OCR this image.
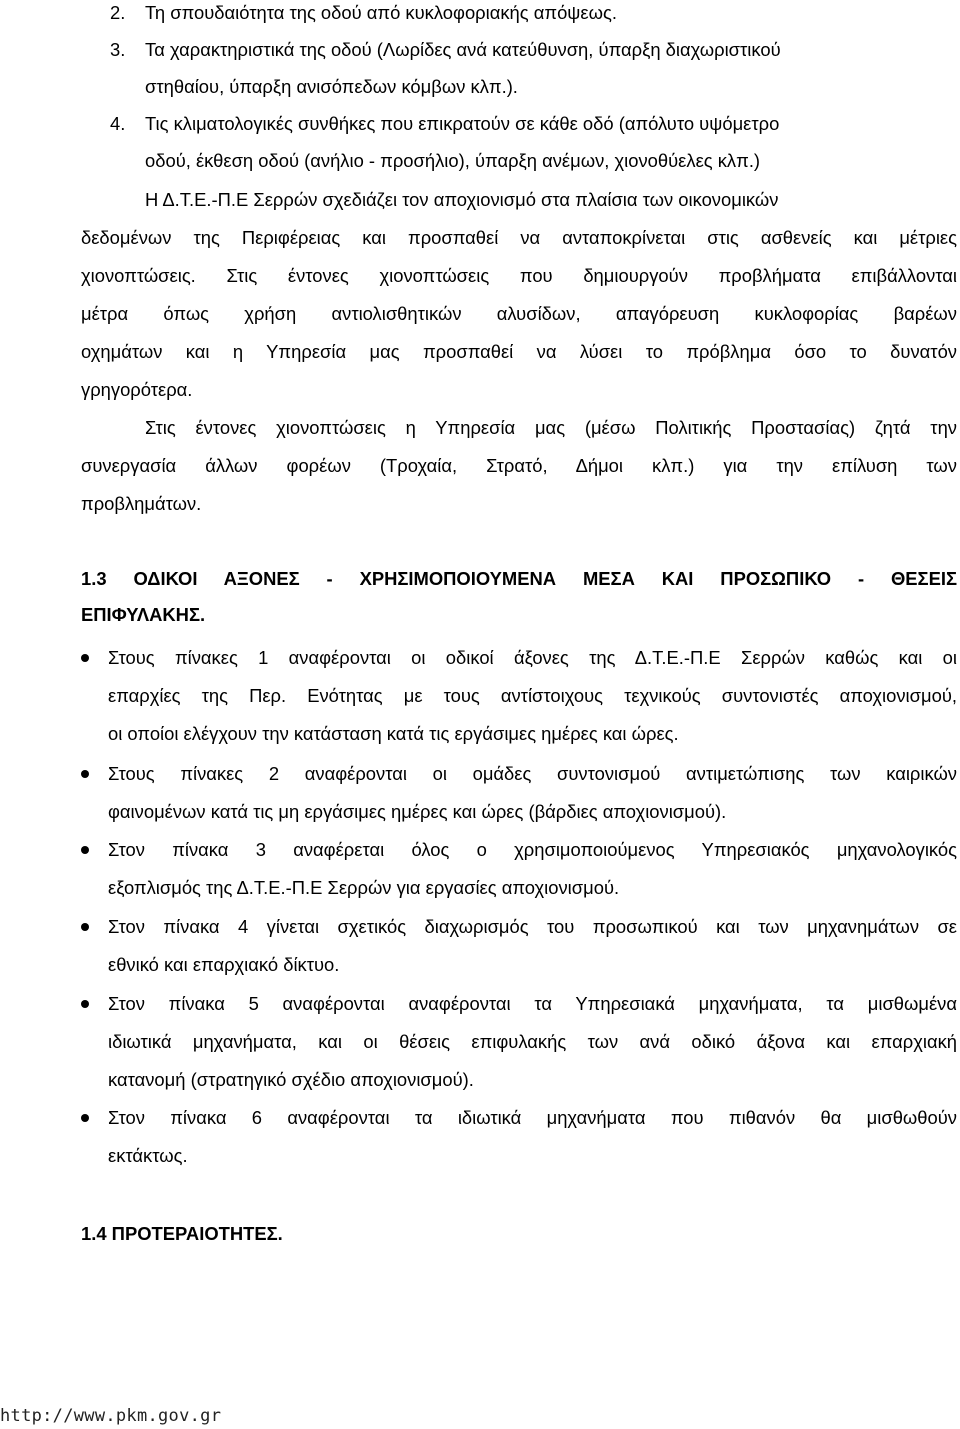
2.	Τη σπουδαιότητα της οδού από κυκλοφοριακής απόψεως.
3.	Τα χαρακτηριστικά της οδού (Λωρίδες ανά κατεύθυνση, ύπαρξη διαχωριστικού
στηθαίου, ύπαρξη ανισόπεδων κόμβων κλπ.).
4.	Τις κλιματολογικές συνθήκες που επικρατούν σε κάθε οδό (απόλυτο υψόμετρο
οδού, έκθεση οδού (ανήλιο - προσήλιο), ύπαρξη ανέμων, χιονοθύελες κλπ.)
Η Δ.Τ.Ε.-Π.Ε Σερρών σχεδιάζει τον αποχιονισμό στα πλαίσια των οικονομικών
δεδομένων της Περιφέρειας και προσπαθεί να ανταποκρίνεται στις ασθενείς και μέτριες
χιονοπτώσεις. Στις έντονες χιονοπτώσεις που δημιουργούν προβλήματα επιβάλλονται
μέτρα όπως χρήση αντιολισθητικών αλυσίδων, απαγόρευση κυκλοφορίας βαρέων
οχημάτων και η Υπηρεσία μας προσπαθεί να λύσει το πρόβλημα όσο το δυνατόν
γρηγορότερα.
Στις έντονες χιονοπτώσεις η Υπηρεσία μας (μέσω Πολιτικής Προστασίας) ζητά την
συνεργασία άλλων φορέων (Τροχαία, Στρατό, Δήμοι κλπ.) για την επίλυση των
προβλημάτων.
1.3 ΟΔΙΚΟΙ ΑΞΟΝΕΣ - ΧΡΗΣΙΜΟΠΟΙΟΥΜΕΝΑ ΜΕΣΑ ΚΑΙ ΠΡΟΣΩΠΙΚΟ - ΘΕΣΕΙΣ
ΕΠΙΦΥΛΑΚΗΣ.
Στους πίνακες 1 αναφέρονται οι οδικοί άξονες της Δ.Τ.Ε.-Π.Ε Σερρών καθώς και οι
επαρχίες της Περ. Ενότητας με τους αντίστοιχους τεχνικούς συντονιστές αποχιονισμού,
οι οποίοι ελέγχουν την κατάσταση κατά τις εργάσιμες ημέρες και ώρες.
Στους πίνακες 2 αναφέρονται οι ομάδες συντονισμού αντιμετώπισης των καιρικών
φαινομένων κατά τις μη εργάσιμες ημέρες και ώρες (βάρδιες αποχιονισμού).
Στον πίνακα 3 αναφέρεται όλος ο χρησιμοποιούμενος Υπηρεσιακός μηχανολογικός
εξοπλισμός της Δ.Τ.Ε.-Π.Ε Σερρών για εργασίες αποχιονισμού.
Στον πίνακα 4 γίνεται σχετικός διαχωρισμός του προσωπικού και των μηχανημάτων σε
εθνικό και επαρχιακό δίκτυο.
Στον πίνακα 5 αναφέρονται αναφέρονται τα Υπηρεσιακά μηχανήματα, τα μισθωμένα
ιδιωτικά μηχανήματα, και οι θέσεις επιφυλακής των ανά οδικό άξονα και επαρχιακή
κατανομή (στρατηγικό σχέδιο αποχιονισμού).
Στον πίνακα 6 αναφέρονται τα ιδιωτικά μηχανήματα που πιθανόν θα μισθωθούν
εκτάκτως.
1.4 ΠΡΟΤΕΡΑΙΟΤΗΤΕΣ.
http://www.pkm.gov.gr
